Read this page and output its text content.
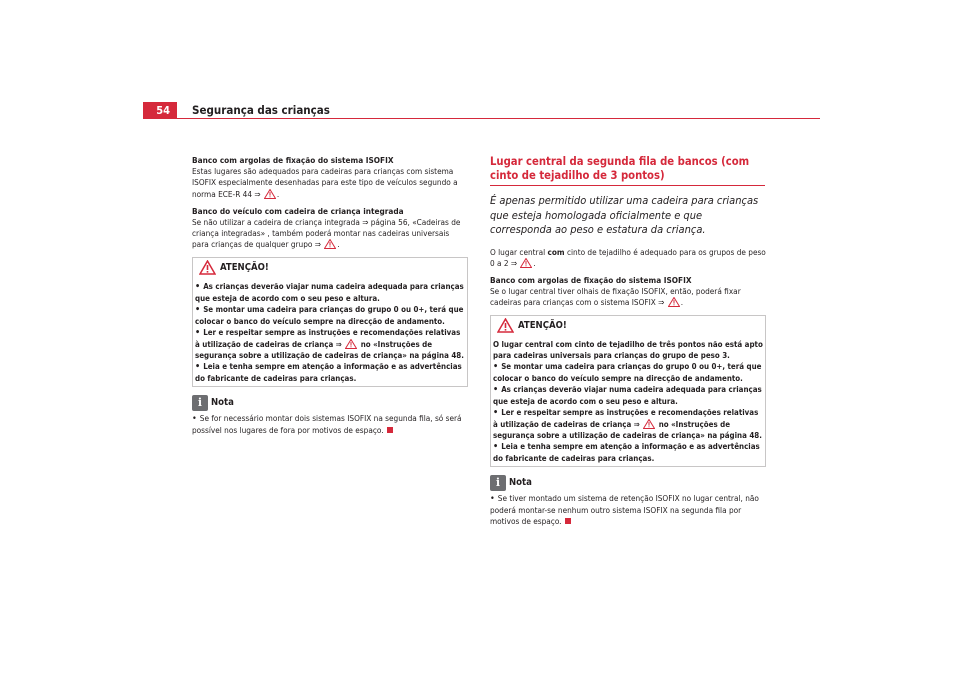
54	Segurança das crianças

Banco com argolas de fixação do sistema ISOFIX
Estas lugares são adequados para cadeiras para crianças com sistema ISOFIX especialmente desenhadas para este tipo de veículos segundo a norma ECE-R 44 ⇒ .

Banco do veículo com cadeira de criança integrada
Se não utilizar a cadeira de criança integrada ⇒ página 56, «Cadeiras de criança integradas» , também poderá montar nas cadeiras universais para crianças de qualquer grupo ⇒ .

ATENÇÃO!

• As crianças deverão viajar numa cadeira adequada para crianças que esteja de acordo com o seu peso e altura.

• Se montar uma cadeira para crianças do grupo 0 ou 0+, terá que colocar o banco do veículo sempre na direcção de andamento.

• Ler e respeitar sempre as instruções e recomendações relativas à utilização de cadeiras de criança ⇒ no «Instruções de segurança sobre a utilização de cadeiras de criança» na página 48.

• Leia e tenha sempre em atenção a informação e as advertências do fabricante de cadeiras para crianças.

i Nota

• Se for necessário montar dois sistemas ISOFIX na segunda fila, só será possível nos lugares de fora por motivos de espaço.

Lugar central da segunda fila de bancos (com cinto de tejadilho de 3 pontos)

É apenas permitido utilizar uma cadeira para crianças que esteja homologada oficialmente e que corresponda ao peso e estatura da criança.

O lugar central com cinto de tejadilho é adequado para os grupos de peso 0 a 2 ⇒ .

Banco com argolas de fixação do sistema ISOFIX
Se o lugar central tiver olhais de fixação ISOFIX, então, poderá fixar cadeiras para crianças com o sistema ISOFIX ⇒ .

ATENÇÃO!

O lugar central com cinto de tejadilho de três pontos não está apto para cadeiras universais para crianças do grupo de peso 3.

• Se montar uma cadeira para crianças do grupo 0 ou 0+, terá que colocar o banco do veículo sempre na direcção de andamento.

• As crianças deverão viajar numa cadeira adequada para crianças que esteja de acordo com o seu peso e altura.

• Ler e respeitar sempre as instruções e recomendações relativas à utilização de cadeiras de criança ⇒ no «Instruções de segurança sobre a utilização de cadeiras de criança» na página 48.

• Leia e tenha sempre em atenção a informação e as advertências do fabricante de cadeiras para crianças.

i Nota

• Se tiver montado um sistema de retenção ISOFIX no lugar central, não poderá montar-se nenhum outro sistema ISOFIX na segunda fila por motivos de espaço.
